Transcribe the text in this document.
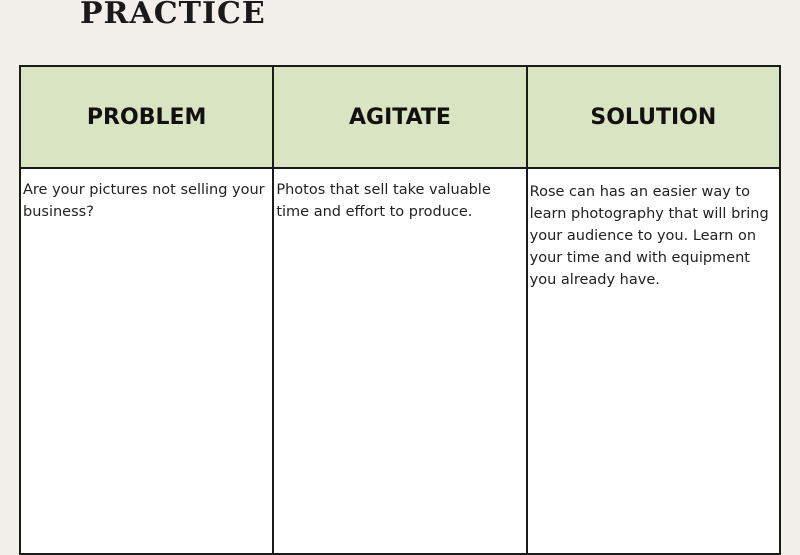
PRACTICE
PROBLEM	AGITATE	SOLUTION
Are your pictures not selling your business?	Photos that sell take valuable time and effort to produce.	Rose can has an easier way to learn photography that will bring your audience to you. Learn on your time and with equipment you already have.
